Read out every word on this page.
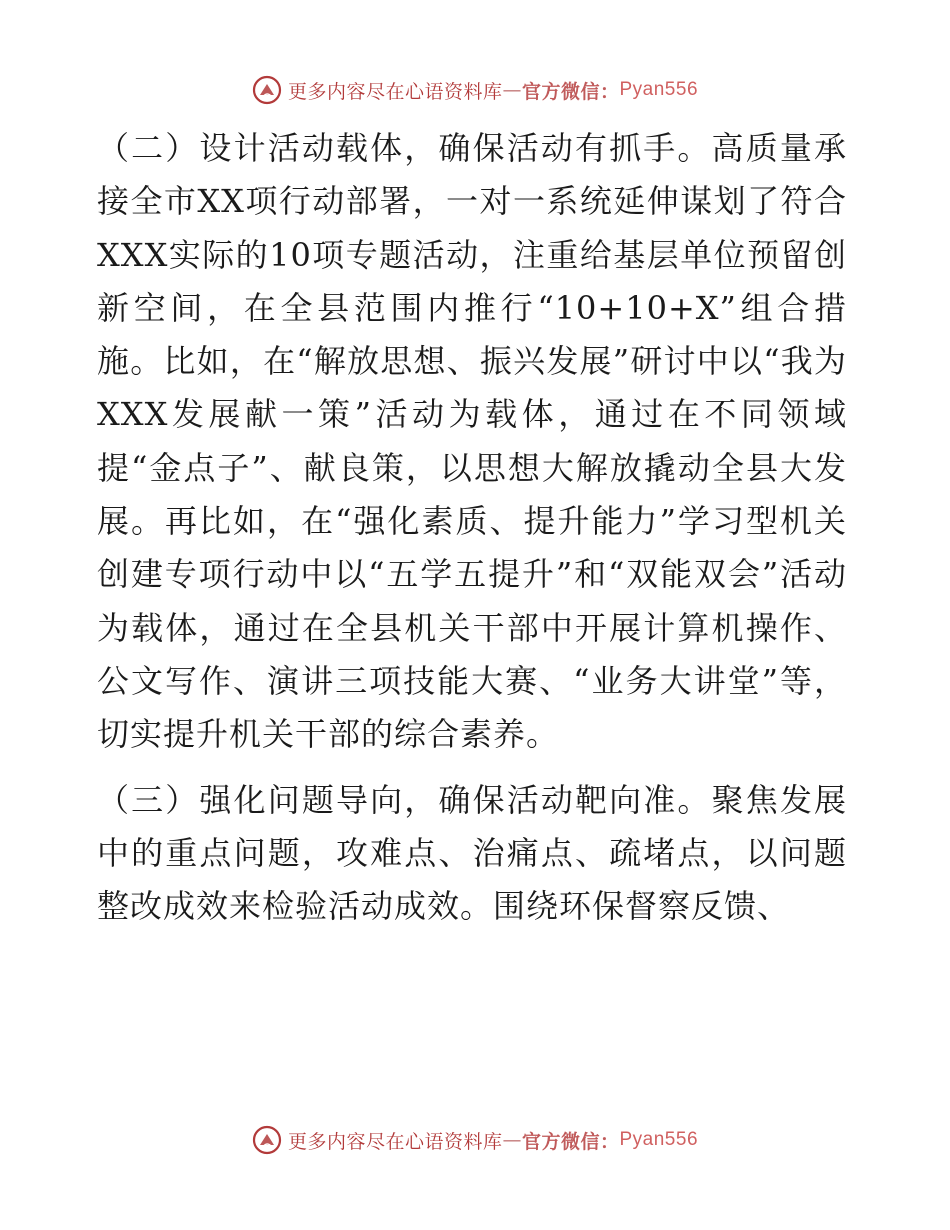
更多内容尽在心语资料库 — 官方微信： Pyan556

（二）设计活动载体，确保活动有抓手。高质量承接全市XX项行动部署，一对一系统延伸谋划了符合XXX实际的10项专题活动，注重给基层单位预留创新空间，在全县范围内推行“10+10+X”组合措施。比如，在“解放思想、振兴发展”研讨中以“我为XXX发展献一策”活动为载体，通过在不同领域提“金点子”、献良策，以思想大解放撬动全县大发展。再比如，在“强化素质、提升能力”学习型机关创建专项行动中以“五学五提升”和“双能双会”活动为载体，通过在全县机关干部中开展计算机操作、公文写作、演讲三项技能大赛、“业务大讲堂”等，切实提升机关干部的综合素养。

（三）强化问题导向，确保活动靶向准。聚焦发展中的重点问题，攻难点、治痛点、疏堵点，以问题整改成效来检验活动成效。围绕环保督察反馈、

更多内容尽在心语资料库 — 官方微信： Pyan556
